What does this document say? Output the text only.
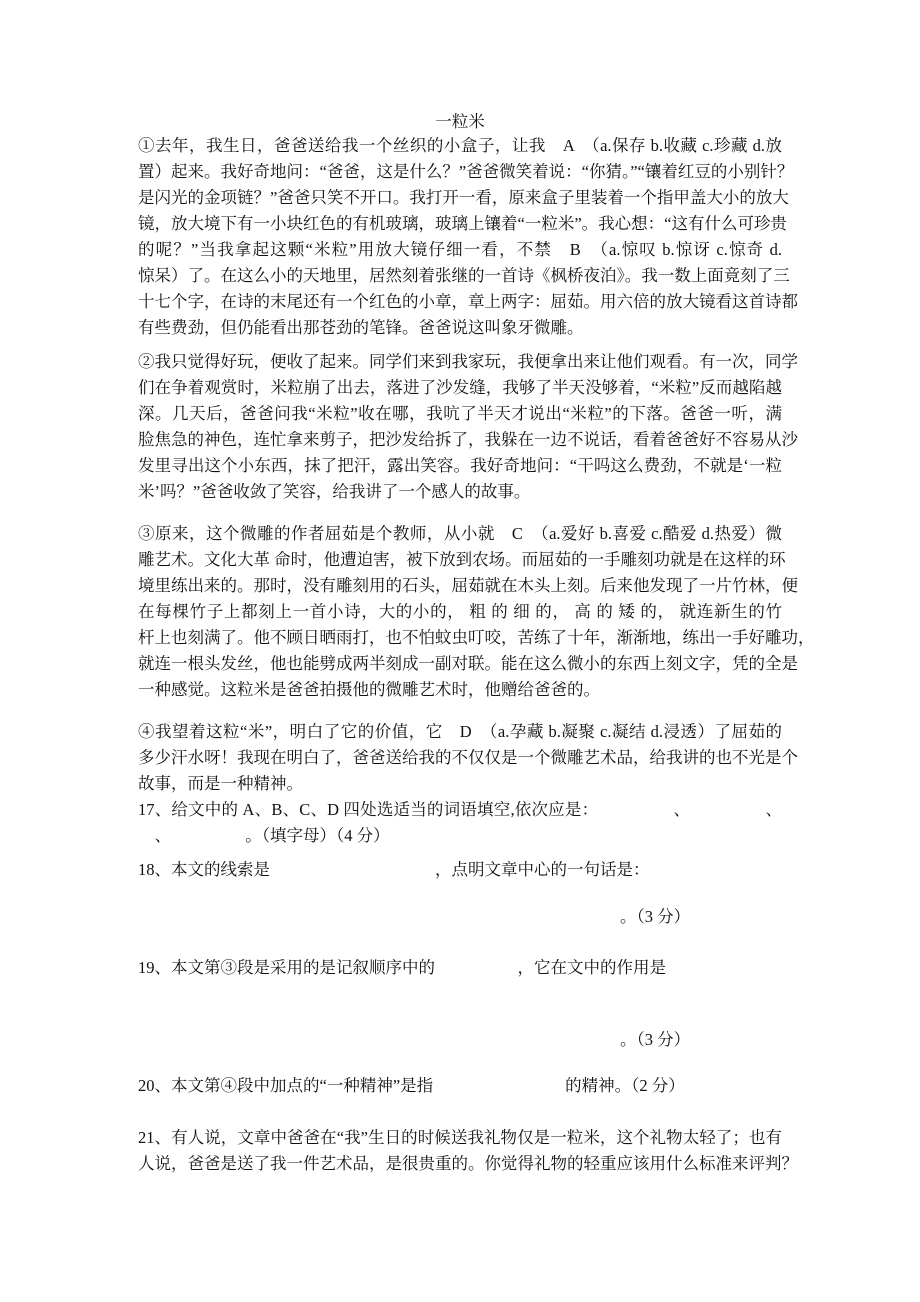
一粒米
①去年，我生日，爸爸送给我一个丝织的小盒子，让我　A　（a.保存 b.收藏 c.珍藏 d.放
置）起来。我好奇地问：“爸爸，这是什么？”爸爸微笑着说：“你猜。”“镶着红豆的小别针？
是闪光的金项链？”爸爸只笑不开口。我打开一看，原来盒子里装着一个指甲盖大小的放大
镜，放大境下有一小块红色的有机玻璃，玻璃上镶着“一粒米”。我心想：“这有什么可珍贵
的呢？”当我拿起这颗“米粒”用放大镜仔细一看，不禁　B　（a.惊叹 b.惊讶 c.惊奇 d.
惊呆）了。在这么小的天地里，居然刻着张继的一首诗《枫桥夜泊》。我一数上面竟刻了三
十七个字，在诗的末尾还有一个红色的小章，章上两字：屈茹。用六倍的放大镜看这首诗都
有些费劲，但仍能看出那苍劲的笔锋。爸爸说这叫象牙微雕。
②我只觉得好玩，便收了起来。同学们来到我家玩，我便拿出来让他们观看。有一次，同学
们在争着观赏时，米粒崩了出去，落进了沙发缝，我够了半天没够着，“米粒”反而越陷越
深。几天后，爸爸问我“米粒”收在哪，我吭了半天才说出“米粒”的下落。爸爸一听，满
脸焦急的神色，连忙拿来剪子，把沙发给拆了，我躲在一边不说话，看着爸爸好不容易从沙
发里寻出这个小东西，抹了把汗，露出笑容。我好奇地问：“干吗这么费劲，不就是‘一粒
米’吗？”爸爸收敛了笑容，给我讲了一个感人的故事。
③原来，这个微雕的作者屈茹是个教师，从小就　C　（a.爱好 b.喜爱 c.酷爱 d.热爱）微
雕艺术。文化大革 命时，他遭迫害，被下放到农场。而屈茹的一手雕刻功就是在这样的环
境里练出来的。那时，没有雕刻用的石头，屈茹就在木头上刻。后来他发现了一片竹林，便
在每棵竹子上都刻上一首小诗，大的小的， 粗 的 细 的， 高 的 矮 的， 就连新生的竹
杆上也刻满了。他不顾日晒雨打，也不怕蚊虫叮咬，苦练了十年，渐渐地，练出一手好雕功，
就连一根头发丝，他也能劈成两半刻成一副对联。能在这么微小的东西上刻文字，凭的全是
一种感觉。这粒米是爸爸拍摄他的微雕艺术时，他赠给爸爸的。
④我望着这粒“米”，明白了它的价值，它　D　（a.孕藏 b.凝聚 c.凝结 d.浸透）了屈茹的
多少汗水呀！我现在明白了，爸爸送给我的不仅仅是一个微雕艺术品，给我讲的也不光是个
故事，而是一种精神。
17、给文中的 A、B、C、D 四处选适当的词语填空,依次应是：　　　　　、　　　　　、
　、　　　　　。（填字母）（4 分）
18、本文的线索是　　　　　　　　　　，点明文章中心的一句话是：
。（3 分）
19、本文第③段是采用的是记叙顺序中的　　　　　，它在文中的作用是
。（3 分）
20、本文第④段中加点的“一种精神”是指　　　　　　　　的精神。（2 分）
21、有人说，文章中爸爸在“我”生日的时候送我礼物仅是一粒米，这个礼物太轻了；也有
人说，爸爸是送了我一件艺术品，是很贵重的。你觉得礼物的轻重应该用什么标准来评判？
